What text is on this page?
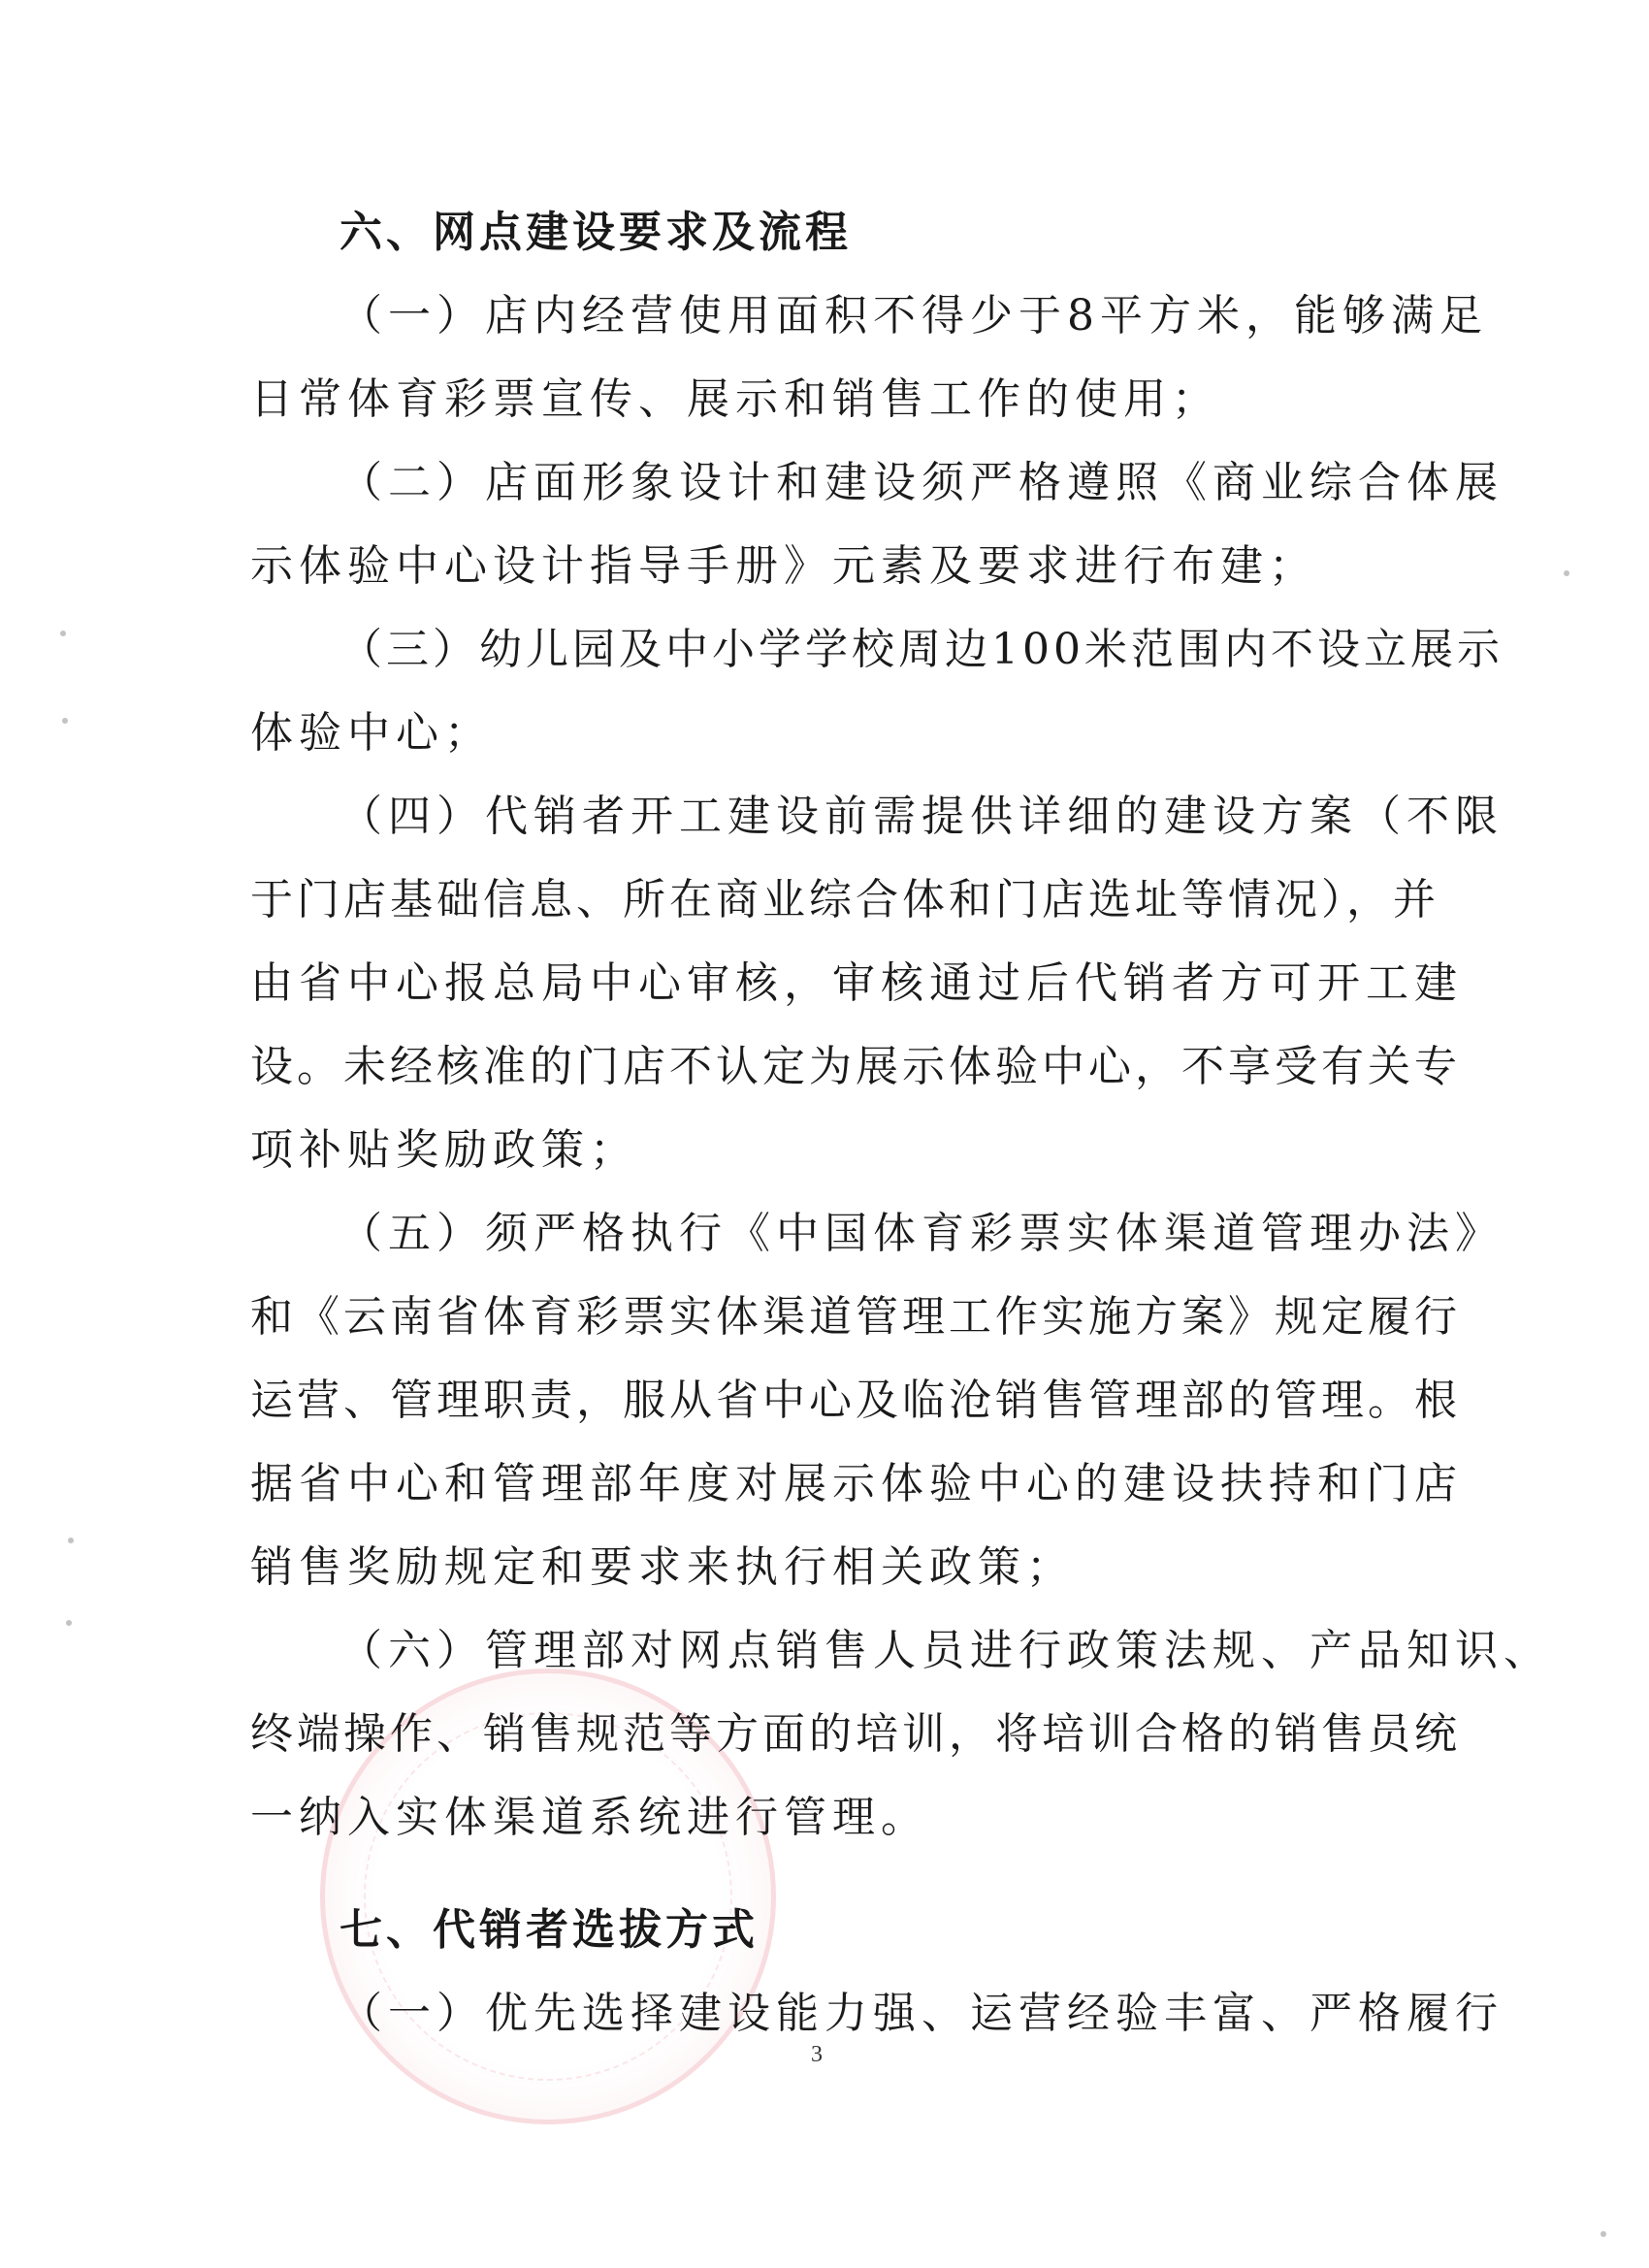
六、网点建设要求及流程
（一）店内经营使用面积不得少于8平方米，能够满足
日常体育彩票宣传、展示和销售工作的使用；
（二）店面形象设计和建设须严格遵照《商业综合体展
示体验中心设计指导手册》元素及要求进行布建；
（三）幼儿园及中小学学校周边100米范围内不设立展示
体验中心；
（四）代销者开工建设前需提供详细的建设方案（不限
于门店基础信息、所在商业综合体和门店选址等情况），并
由省中心报总局中心审核，审核通过后代销者方可开工建
设。未经核准的门店不认定为展示体验中心，不享受有关专
项补贴奖励政策；
（五）须严格执行《中国体育彩票实体渠道管理办法》
和《云南省体育彩票实体渠道管理工作实施方案》规定履行
运营、管理职责，服从省中心及临沧销售管理部的管理。根
据省中心和管理部年度对展示体验中心的建设扶持和门店
销售奖励规定和要求来执行相关政策；
（六）管理部对网点销售人员进行政策法规、产品知识、
终端操作、销售规范等方面的培训，将培训合格的销售员统
一纳入实体渠道系统进行管理。
七、代销者选拔方式
（一）优先选择建设能力强、运营经验丰富、严格履行
3
